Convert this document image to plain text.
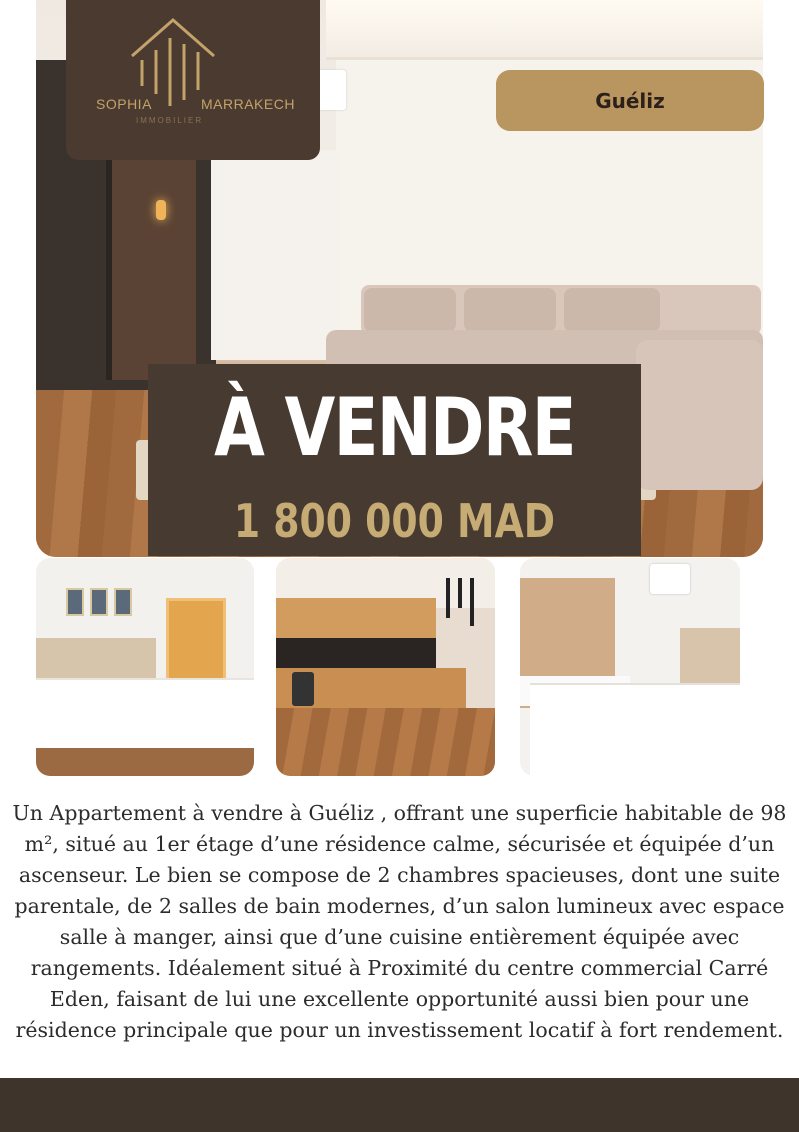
SOPHIA	MARRAKECH
IMMOBILIER
Guéliz
À VENDRE
1 800 000 MAD

Un Appartement à vendre à Guéliz , offrant une superficie habitable de 98 m², situé au 1er étage d’une résidence calme, sécurisée et équipée d’un ascenseur. Le bien se compose de 2 chambres spacieuses, dont une suite parentale, de 2 salles de bain modernes, d’un salon lumineux avec espace salle à manger, ainsi que d’une cuisine entièrement équipée avec rangements. Idéalement situé à Proximité du centre commercial Carré Eden, faisant de lui une excellente opportunité aussi bien pour une résidence principale que pour un investissement locatif à fort rendement.
